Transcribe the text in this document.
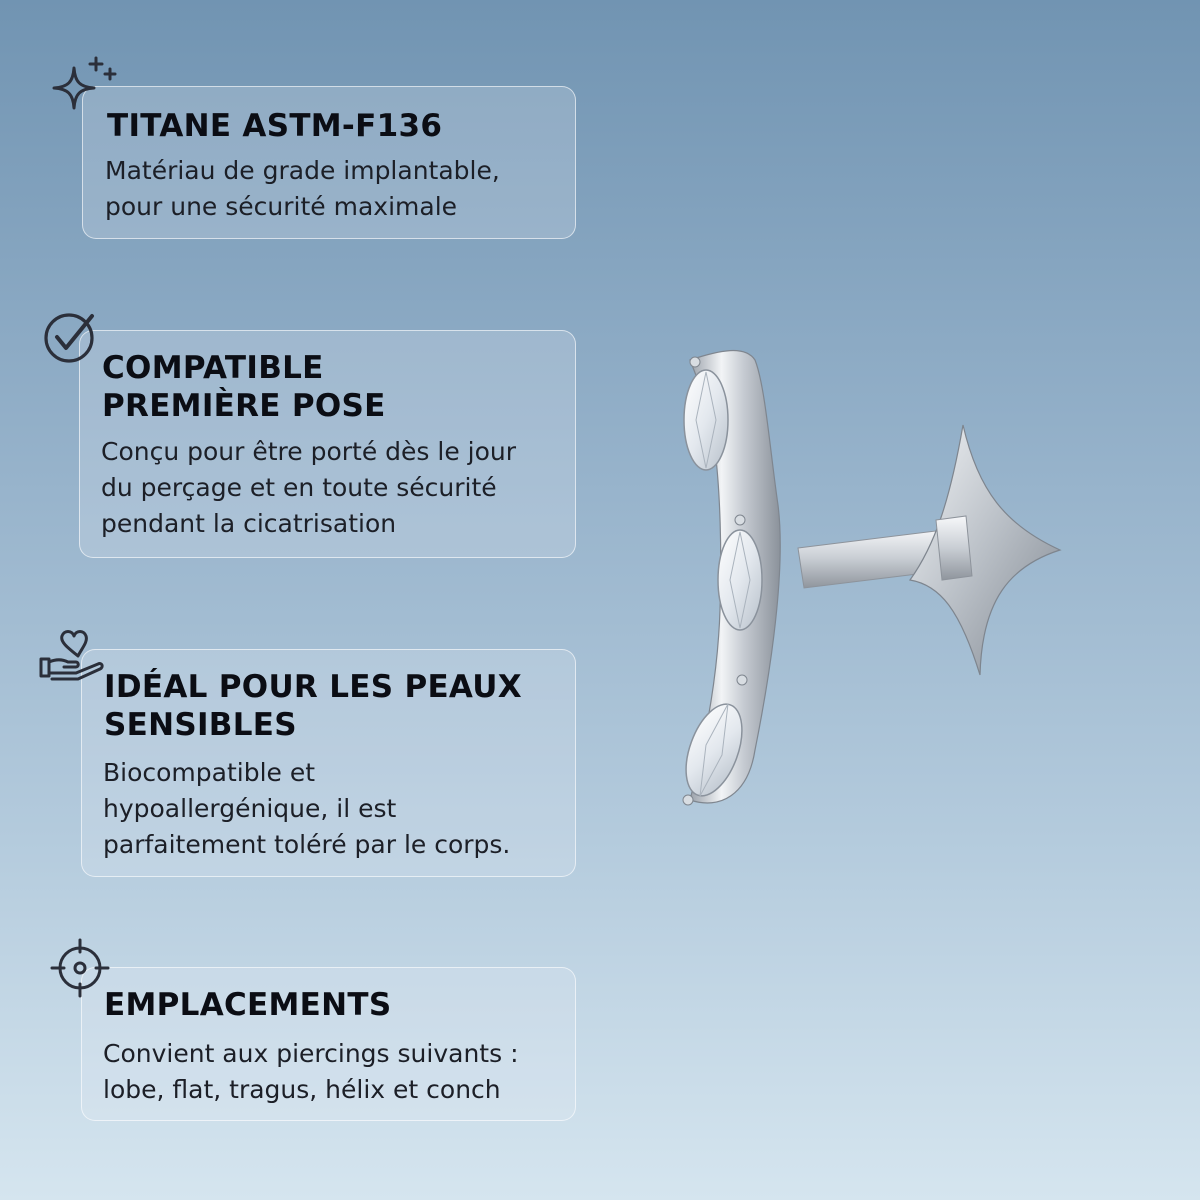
TITANE ASTM-F136
Matériau de grade implantable,
pour une sécurité maximale
COMPATIBLE
PREMIÈRE POSE
Conçu pour être porté dès le jour
du perçage et en toute sécurité
pendant la cicatrisation
IDÉAL POUR LES PEAUX
SENSIBLES
Biocompatible et
hypoallergénique, il est
parfaitement toléré par le corps.
EMPLACEMENTS
Convient aux piercings suivants :
lobe, flat, tragus, hélix et conch
